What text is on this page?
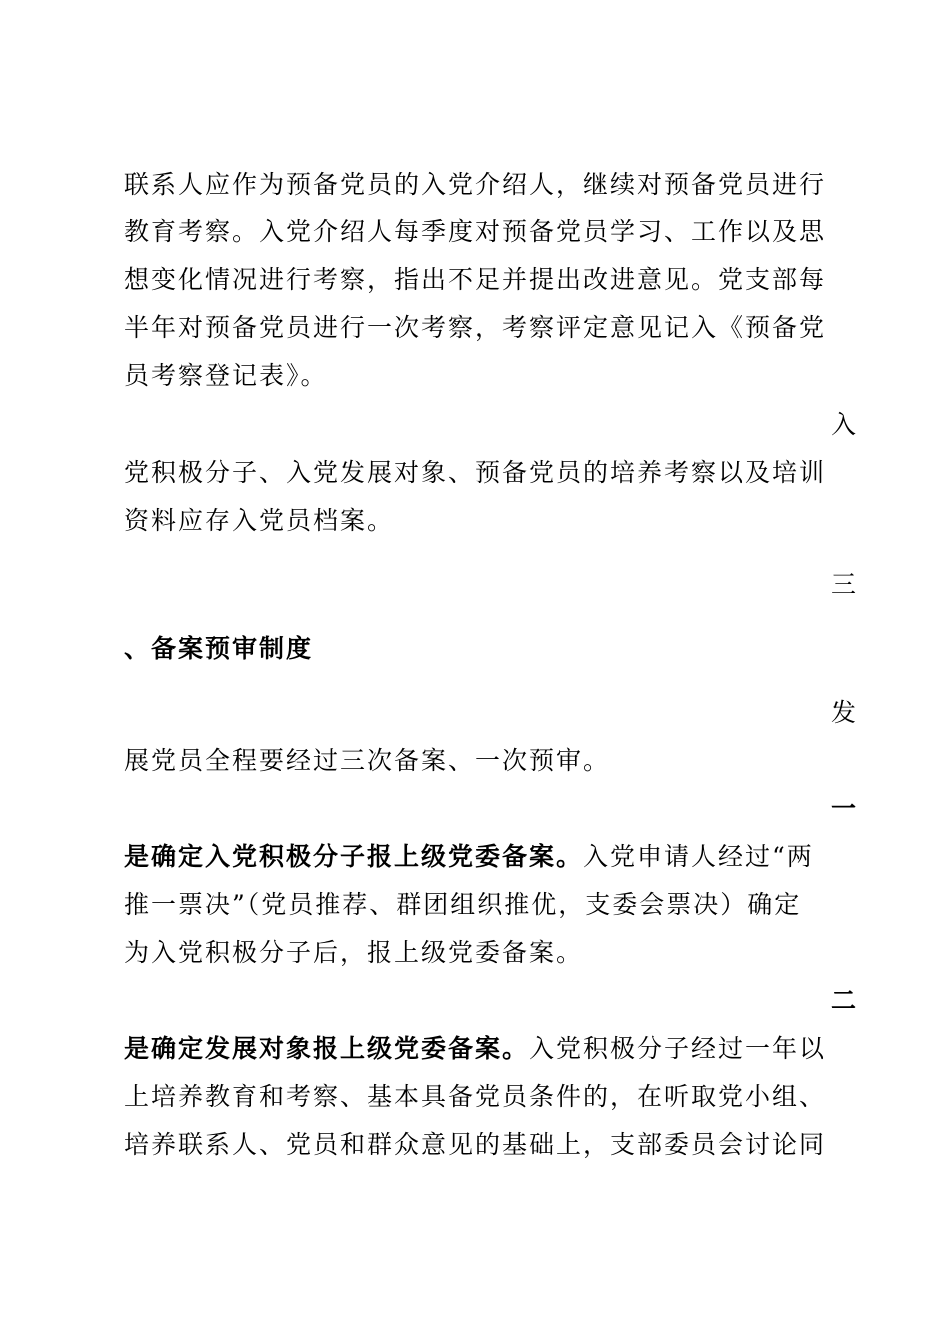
联系人应作为预备党员的入党介绍人，继续对预备党员进行
教育考察。入党介绍人每季度对预备党员学习、工作以及思
想变化情况进行考察，指出不足并提出改进意见。党支部每
半年对预备党员进行一次考察，考察评定意见记入《预备党
员考察登记表》。
入
党积极分子、入党发展对象、预备党员的培养考察以及培训
资料应存入党员档案。
三
、备案预审制度
发
展党员全程要经过三次备案、一次预审。
一
是确定入党积极分子报上级党委备案。入党申请人经过“两
推一票决”（党员推荐、群团组织推优，支委会票决）确定
为入党积极分子后，报上级党委备案。
二
是确定发展对象报上级党委备案。入党积极分子经过一年以
上培养教育和考察、基本具备党员条件的，在听取党小组、
培养联系人、党员和群众意见的基础上，支部委员会讨论同
